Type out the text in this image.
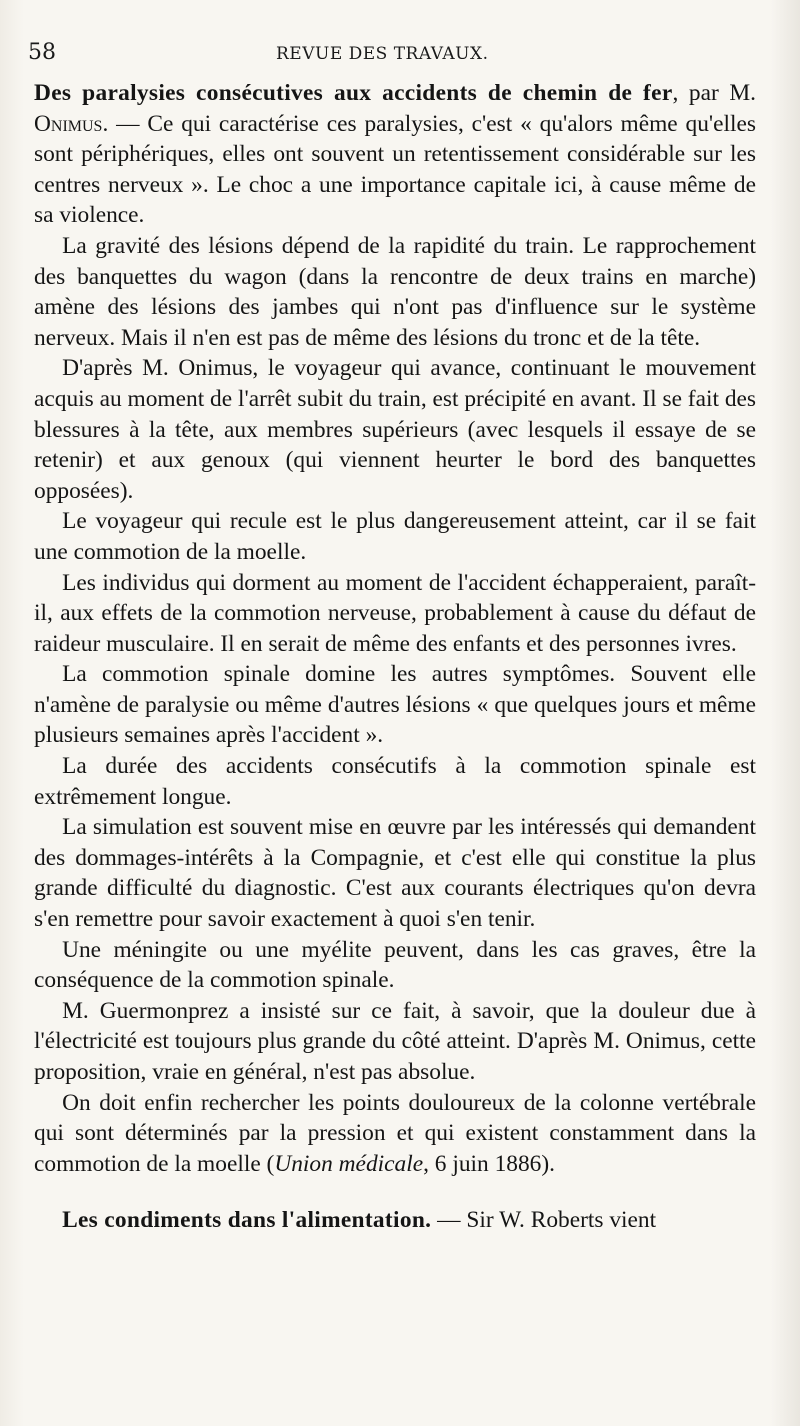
58	REVUE DES TRAVAUX.

Des paralysies consécutives aux accidents de chemin de fer, par M. Onimus. — Ce qui caractérise ces paralysies, c'est « qu'alors même qu'elles sont périphériques, elles ont souvent un retentissement considérable sur les centres nerveux ». Le choc a une importance capitale ici, à cause même de sa violence.

La gravité des lésions dépend de la rapidité du train. Le rapprochement des banquettes du wagon (dans la rencontre de deux trains en marche) amène des lésions des jambes qui n'ont pas d'influence sur le système nerveux. Mais il n'en est pas de même des lésions du tronc et de la tête.

D'après M. Onimus, le voyageur qui avance, continuant le mouvement acquis au moment de l'arrêt subit du train, est précipité en avant. Il se fait des blessures à la tête, aux membres supérieurs (avec lesquels il essaye de se retenir) et aux genoux (qui viennent heurter le bord des banquettes opposées).

Le voyageur qui recule est le plus dangereusement atteint, car il se fait une commotion de la moelle.

Les individus qui dorment au moment de l'accident échapperaient, paraît-il, aux effets de la commotion nerveuse, probablement à cause du défaut de raideur musculaire. Il en serait de même des enfants et des personnes ivres.

La commotion spinale domine les autres symptômes. Souvent elle n'amène de paralysie ou même d'autres lésions « que quelques jours et même plusieurs semaines après l'accident ».

La durée des accidents consécutifs à la commotion spinale est extrêmement longue.

La simulation est souvent mise en œuvre par les intéressés qui demandent des dommages-intérêts à la Compagnie, et c'est elle qui constitue la plus grande difficulté du diagnostic. C'est aux courants électriques qu'on devra s'en remettre pour savoir exactement à quoi s'en tenir.

Une méningite ou une myélite peuvent, dans les cas graves, être la conséquence de la commotion spinale.

M. Guermonprez a insisté sur ce fait, à savoir, que la douleur due à l'électricité est toujours plus grande du côté atteint. D'après M. Onimus, cette proposition, vraie en général, n'est pas absolue.

On doit enfin rechercher les points douloureux de la colonne vertébrale qui sont déterminés par la pression et qui existent constamment dans la commotion de la moelle (Union médicale, 6 juin 1886).

Les condiments dans l'alimentation. — Sir W. Roberts vient
